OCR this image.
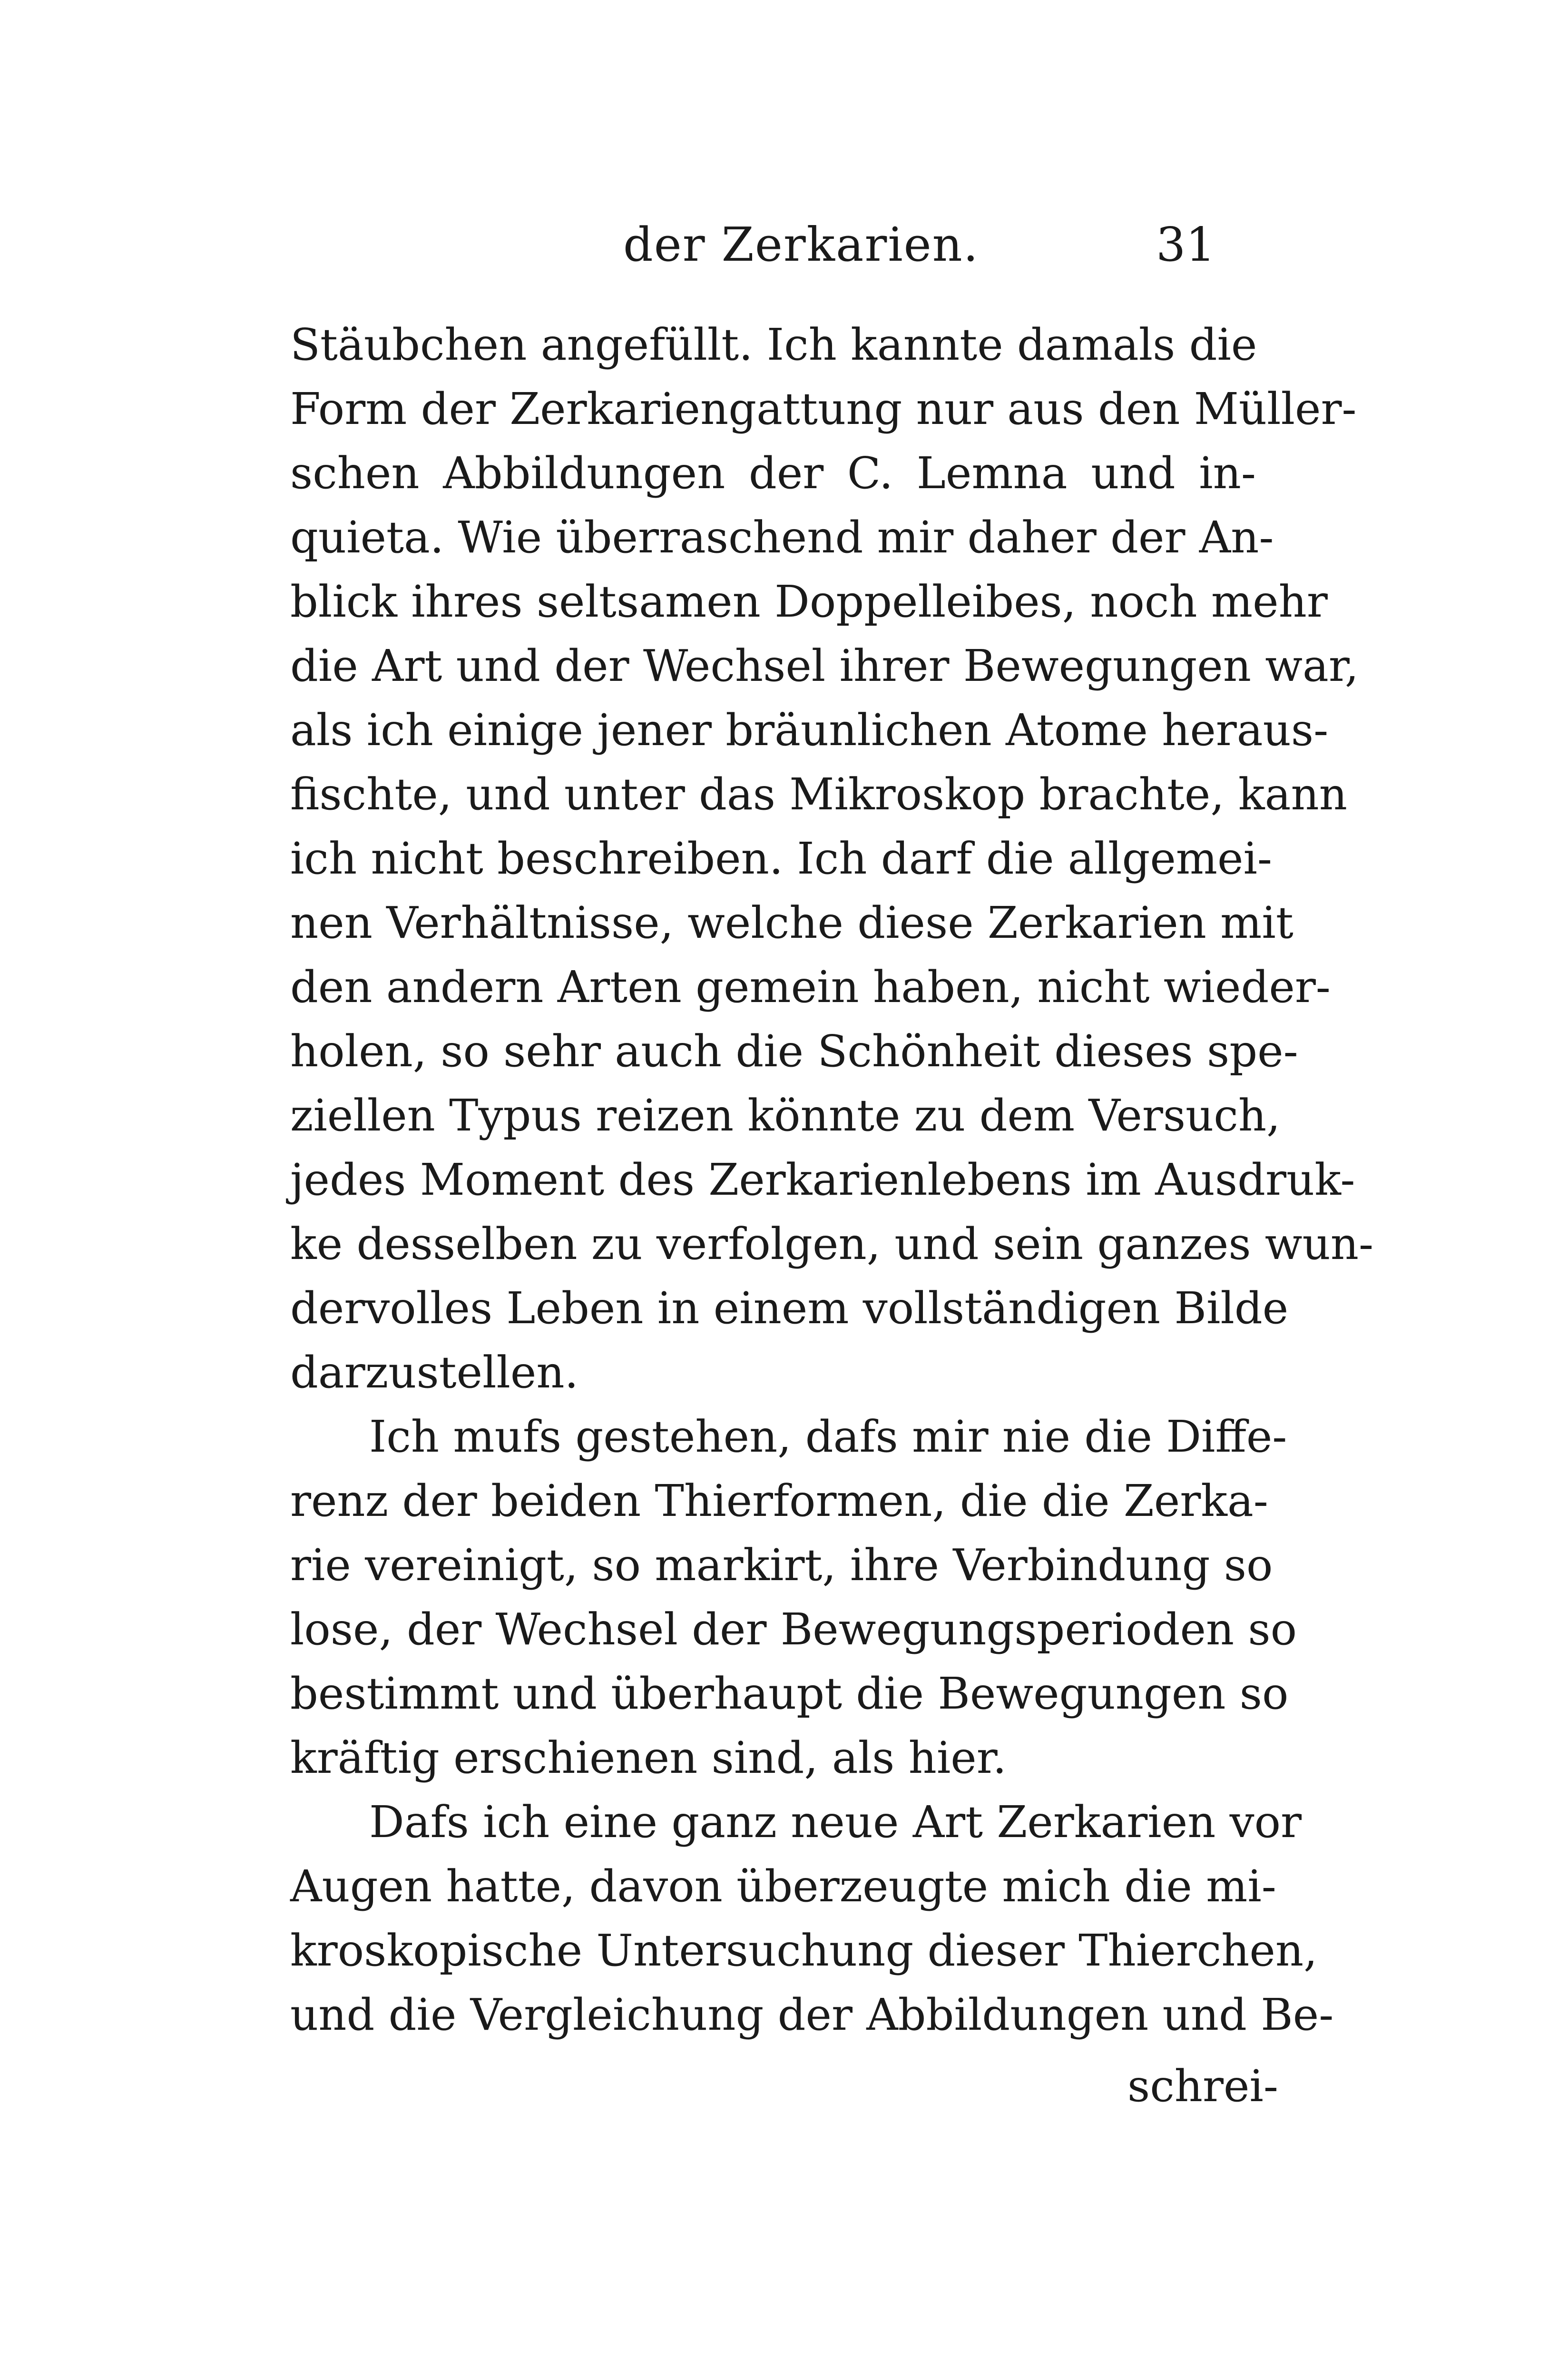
der Zerkarien.	31
Stäubchen angefüllt. Ich kannte damals die
Form der Zerkariengattung nur aus den Müller-
schen Abbildungen der C. Lemna und in-
quieta. Wie überraschend mir daher der An-
blick ihres seltsamen Doppelleibes, noch mehr
die Art und der Wechsel ihrer Bewegungen war,
als ich einige jener bräunlichen Atome heraus-
fischte, und unter das Mikroskop brachte, kann
ich nicht beschreiben. Ich darf die allgemei-
nen Verhältnisse, welche diese Zerkarien mit
den andern Arten gemein haben, nicht wieder-
holen, so sehr auch die Schönheit dieses spe-
ziellen Typus reizen könnte zu dem Versuch,
jedes Moment des Zerkarienlebens im Ausdruk-
ke desselben zu verfolgen, und sein ganzes wun-
dervolles Leben in einem vollständigen Bilde
darzustellen.
Ich mufs gestehen, dafs mir nie die Diffe-
renz der beiden Thierformen, die die Zerka-
rie vereinigt, so markirt, ihre Verbindung so
lose, der Wechsel der Bewegungsperioden so
bestimmt und überhaupt die Bewegungen so
kräftig erschienen sind, als hier.
Dafs ich eine ganz neue Art Zerkarien vor
Augen hatte, davon überzeugte mich die mi-
kroskopische Untersuchung dieser Thierchen,
und die Vergleichung der Abbildungen und Be-
schrei-
